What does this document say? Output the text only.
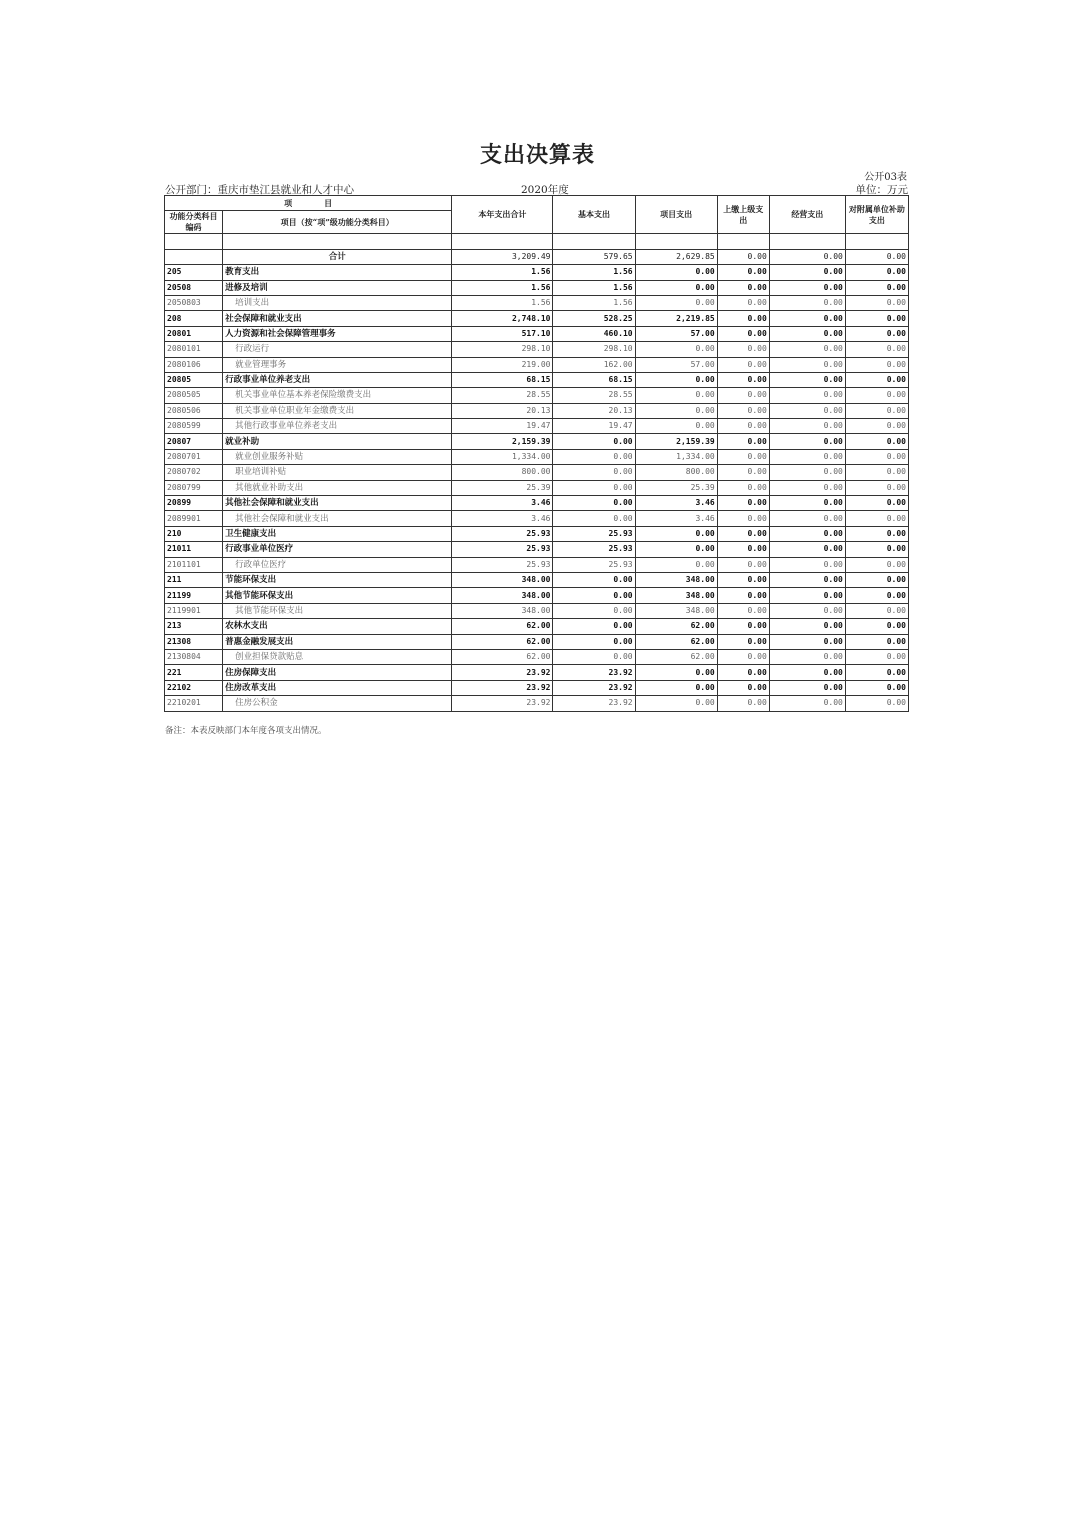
支出决算表
公开03表
公开部门：重庆市垫江县就业和人才中心	2020年度	单位：万元
项　　　　目		本年支出合计	基本支出	项目支出	上缴上级支出	经营支出	对附属单位补助支出
功能分类科目编码	项目（按“项”级功能分类科目）						

	合计	3,209.49	579.65	2,629.85	0.00	0.00	0.00
205	教育支出	1.56	1.56	0.00	0.00	0.00	0.00
20508	进修及培训	1.56	1.56	0.00	0.00	0.00	0.00
2050803	培训支出	1.56	1.56	0.00	0.00	0.00	0.00
208	社会保障和就业支出	2,748.10	528.25	2,219.85	0.00	0.00	0.00
20801	人力资源和社会保障管理事务	517.10	460.10	57.00	0.00	0.00	0.00
2080101	行政运行	298.10	298.10	0.00	0.00	0.00	0.00
2080106	就业管理事务	219.00	162.00	57.00	0.00	0.00	0.00
20805	行政事业单位养老支出	68.15	68.15	0.00	0.00	0.00	0.00
2080505	机关事业单位基本养老保险缴费支出	28.55	28.55	0.00	0.00	0.00	0.00
2080506	机关事业单位职业年金缴费支出	20.13	20.13	0.00	0.00	0.00	0.00
2080599	其他行政事业单位养老支出	19.47	19.47	0.00	0.00	0.00	0.00
20807	就业补助	2,159.39	0.00	2,159.39	0.00	0.00	0.00
2080701	就业创业服务补贴	1,334.00	0.00	1,334.00	0.00	0.00	0.00
2080702	职业培训补贴	800.00	0.00	800.00	0.00	0.00	0.00
2080799	其他就业补助支出	25.39	0.00	25.39	0.00	0.00	0.00
20899	其他社会保障和就业支出	3.46	0.00	3.46	0.00	0.00	0.00
2089901	其他社会保障和就业支出	3.46	0.00	3.46	0.00	0.00	0.00
210	卫生健康支出	25.93	25.93	0.00	0.00	0.00	0.00
21011	行政事业单位医疗	25.93	25.93	0.00	0.00	0.00	0.00
2101101	行政单位医疗	25.93	25.93	0.00	0.00	0.00	0.00
211	节能环保支出	348.00	0.00	348.00	0.00	0.00	0.00
21199	其他节能环保支出	348.00	0.00	348.00	0.00	0.00	0.00
2119901	其他节能环保支出	348.00	0.00	348.00	0.00	0.00	0.00
213	农林水支出	62.00	0.00	62.00	0.00	0.00	0.00
21308	普惠金融发展支出	62.00	0.00	62.00	0.00	0.00	0.00
2130804	创业担保贷款贴息	62.00	0.00	62.00	0.00	0.00	0.00
221	住房保障支出	23.92	23.92	0.00	0.00	0.00	0.00
22102	住房改革支出	23.92	23.92	0.00	0.00	0.00	0.00
2210201	住房公积金	23.92	23.92	0.00	0.00	0.00	0.00
备注：本表反映部门本年度各项支出情况。
